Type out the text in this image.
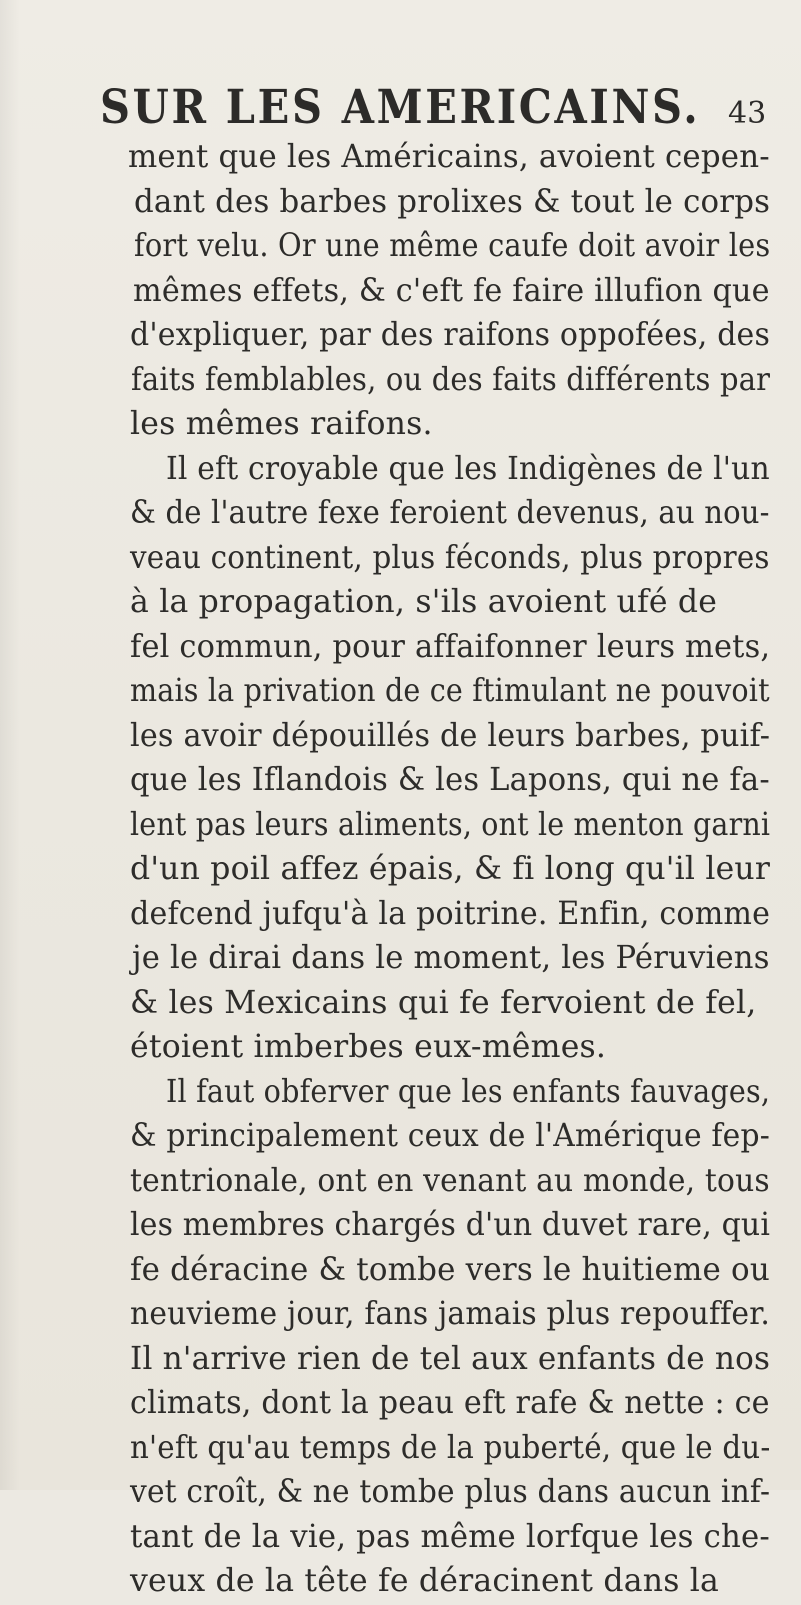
SUR LES AMERICAINS. 43
ment que les Américains, avoient cepen-
dant des barbes prolixes & tout le corps
fort velu. Or une même caufe doit avoir les
mêmes effets, & c'eft fe faire illufion que
d'expliquer, par des raifons oppofées, des
faits femblables, ou des faits différents par
les mêmes raifons.
Il eft croyable que les Indigènes de l'un
& de l'autre fexe feroient devenus, au nou-
veau continent, plus féconds, plus propres
à la propagation, s'ils avoient ufé de
fel commun, pour affaifonner leurs mets,
mais la privation de ce ftimulant ne pouvoit
les avoir dépouillés de leurs barbes, puif-
que les Iflandois & les Lapons, qui ne fa-
lent pas leurs aliments, ont le menton garni
d'un poil affez épais, & fi long qu'il leur
defcend jufqu'à la poitrine. Enfin, comme
je le dirai dans le moment, les Péruviens
& les Mexicains qui fe fervoient de fel,
étoient imberbes eux-mêmes.
Il faut obferver que les enfants fauvages,
& principalement ceux de l'Amérique fep-
tentrionale, ont en venant au monde, tous
les membres chargés d'un duvet rare, qui
fe déracine & tombe vers le huitieme ou
neuvieme jour, fans jamais plus repouffer.
Il n'arrive rien de tel aux enfants de nos
climats, dont la peau eft rafe & nette : ce
n'eft qu'au temps de la puberté, que le du-
vet croît, & ne tombe plus dans aucun inf-
tant de la vie, pas même lorfque les che-
veux de la tête fe déracinent dans la
